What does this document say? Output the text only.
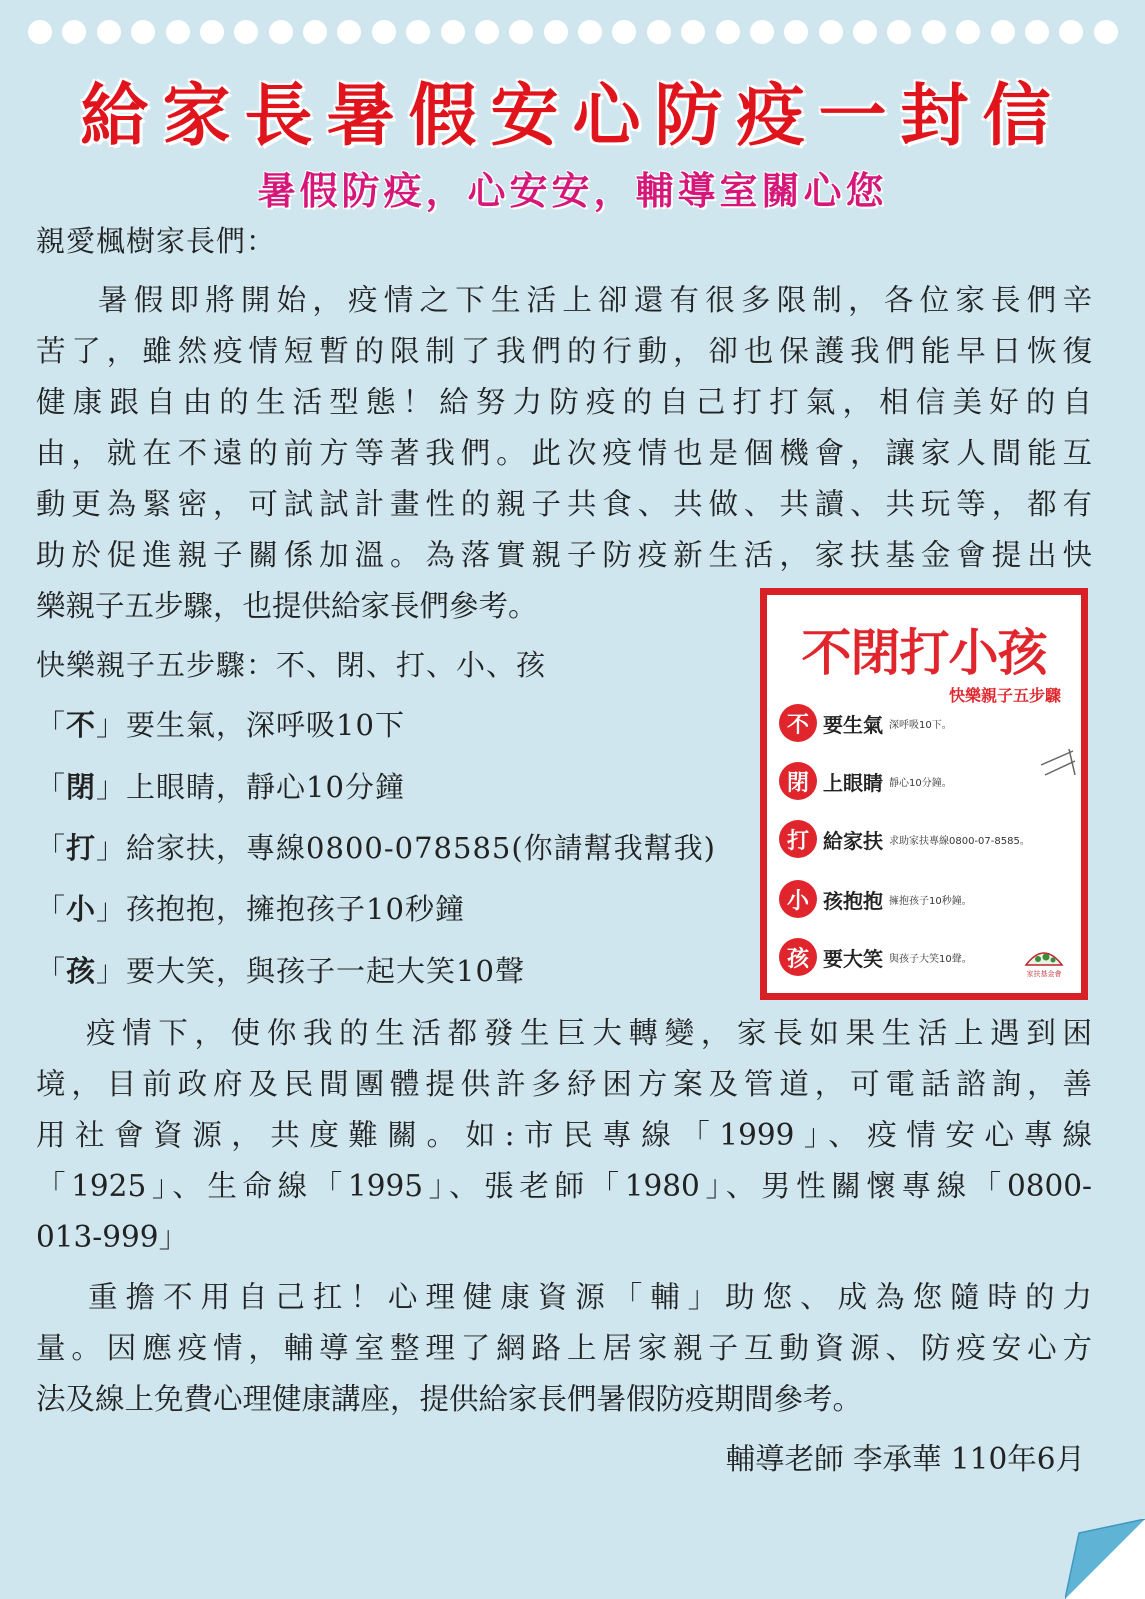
給家長暑假安心防疫一封信
暑假防疫，心安安，輔導室關心您
親愛楓樹家長們：
暑假即將開始，疫情之下生活上卻還有很多限制，各位家長們辛
苦了，雖然疫情短暫的限制了我們的行動，卻也保護我們能早日恢復
健康跟自由的生活型態！給努力防疫的自己打打氣，相信美好的自
由，就在不遠的前方等著我們。此次疫情也是個機會，讓家人間能互
動更為緊密，可試試計畫性的親子共食、共做、共讀、共玩等，都有
助於促進親子關係加溫。為落實親子防疫新生活，家扶基金會提出快
樂親子五步驟，也提供給家長們參考。
快樂親子五步驟：不、閉、打、小、孩
「不」要生氣，深呼吸10下
「閉」上眼睛，靜心10分鐘
「打」給家扶，專線0800-078585(你請幫我幫我)
「小」孩抱抱，擁抱孩子10秒鐘
「孩」要大笑，與孩子一起大笑10聲
不閉打小孩
快樂親子五步驟
不 要生氣 深呼吸10下。
閉 上眼睛 靜心10分鐘。
打 給家扶 求助家扶專線0800-07-8585。
小 孩抱抱 擁抱孩子10秒鐘。
孩 要大笑 與孩子大笑10聲。
家扶基金會
疫情下，使你我的生活都發生巨大轉變，家長如果生活上遇到困
境，目前政府及民間團體提供許多紓困方案及管道，可電話諮詢，善
用社會資源，共度難關。如:市民專線「1999」、疫情安心專線
「1925」、生命線「1995」、張老師「1980」、男性關懷專線「0800-
013-999」
重擔不用自己扛！心理健康資源「輔」助您、成為您隨時的力
量。因應疫情，輔導室整理了網路上居家親子互動資源、防疫安心方
法及線上免費心理健康講座，提供給家長們暑假防疫期間參考。
輔導老師 李承華 110年6月
